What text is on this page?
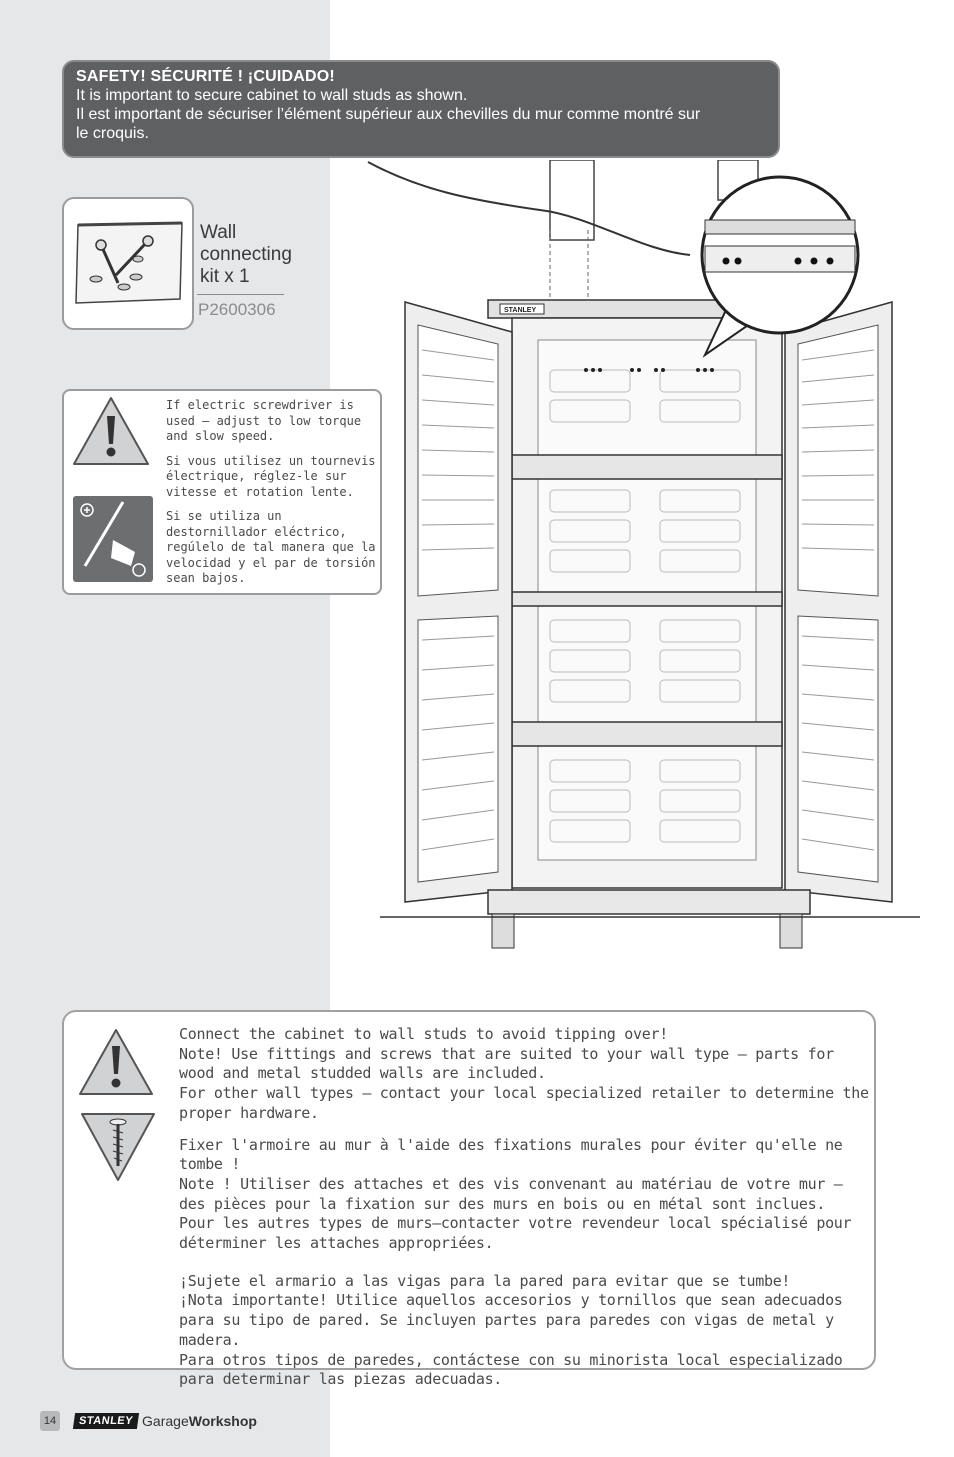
SAFETY! SÉCURITÉ ! ¡CUIDADO!
It is important to secure cabinet to wall studs as shown.
Il est important de sécuriser l’élément supérieur aux chevilles du mur comme montré sur
le croquis.
Wall connecting kit x 1
P2600306

If electric screwdriver is used – adjust to low torque and slow speed.

Si vous utilisez un tournevis électrique, réglez-le sur vitesse et rotation lente.

Si se utiliza un destornillador eléctrico, regúlelo de tal manera que la velocidad y el par de torsión sean bajos.

STANLEY

Connect the cabinet to wall studs to avoid tipping over!
Note! Use fittings and screws that are suited to your wall type – parts for wood and metal studded walls are included.
For other wall types – contact your local specialized retailer to determine the proper hardware.

Fixer l'armoire au mur à l'aide des fixations murales pour éviter qu'elle ne tombe !
Note ! Utiliser des attaches et des vis convenant au matériau de votre mur – des pièces pour la fixation sur des murs en bois ou en métal sont inclues.
Pour les autres types de murs–contacter votre revendeur local spécialisé pour déterminer les attaches appropriées.

¡Sujete el armario a las vigas para la pared para evitar que se tumbe!
¡Nota importante! Utilice aquellos accesorios y tornillos que sean adecuados para su tipo de pared. Se incluyen partes para paredes con vigas de metal y madera.
Para otros tipos de paredes, contáctese con su minorista local especializado para determinar las piezas adecuadas.

14	STANLEY GarageWorkshop
